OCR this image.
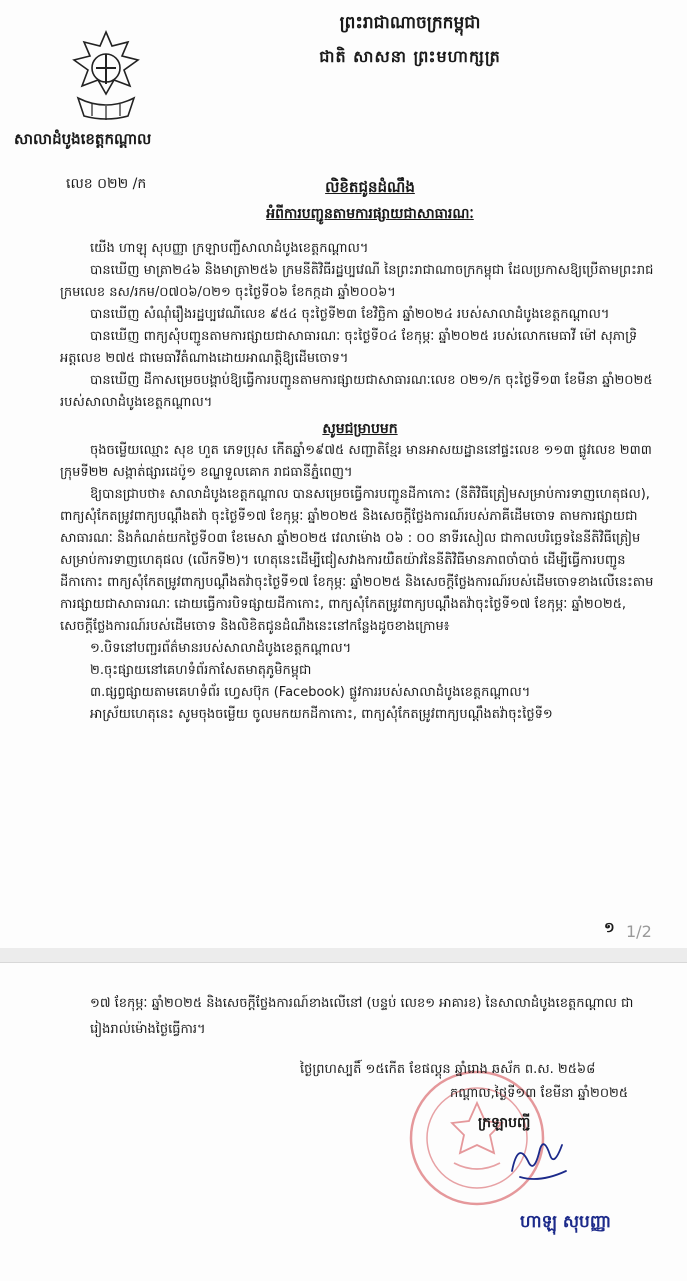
ព្រះរាជាណាចក្រកម្ពុជា
ជាតិ សាសនា ព្រះមហាក្សត្រ
សាលាដំបូងខេត្តកណ្ដាល
លេខ ០២២ /ក	លិខិតជូនដំណឹង
អំពីការបញ្ជូនតាមការផ្សាយជាសាធារណៈ

យើង ហាឡុ សុបញ្ញា ក្រឡាបញ្ជីសាលាដំបូងខេត្តកណ្ដាល។

បានឃើញ មាត្រា២៤៦ និងមាត្រា២៥៦ ក្រមនីតិវិធីរដ្ឋប្បវេណី នៃព្រះរាជាណាចក្រកម្ពុជា ដែលប្រកាសឱ្យប្រើតាមព្រះរាជក្រមលេខ នស/រកម/០៧០៦/០២១ ចុះថ្ងៃទី០៦ ខែកក្កដា ឆ្នាំ២០០៦។

បានឃើញ សំណុំរឿងរដ្ឋប្បវេណីលេខ ៩៥៤ ចុះថ្ងៃទី២៣ ខែវិច្ឆិកា ឆ្នាំ២០២៤ របស់សាលាដំបូងខេត្តកណ្ដាល។

បានឃើញ ពាក្យសុំបញ្ជូនតាមការផ្សាយជាសាធារណៈ ចុះថ្ងៃទី០៤ ខែកុម្ភៈ ឆ្នាំ២០២៥ របស់លោកមេធាវី ម៉ៅ សុភាទ្រិ អត្តលេខ ២៧៥ ជាមេធាវីតំណាងដោយអាណត្តិឱ្យដើមចោទ។

បានឃើញ ដីកាសម្រេចបង្គាប់ឱ្យធ្វើការបញ្ជូនតាមការផ្សាយជាសាធារណៈលេខ ០២១/ក ចុះថ្ងៃទី១៣ ខែមីនា ឆ្នាំ២០២៥ របស់សាលាដំបូងខេត្តកណ្ដាល។

សូមជម្រាបមក

ចុងចម្លើយឈ្មោះ សុខ ហួត ភេទប្រុស កើតឆ្នាំ១៩៧៥ សញ្ជាតិខ្មែរ មានអាសយដ្ឋាននៅផ្ទះលេខ ១១៣ ផ្លូវលេខ ២៣៣ ក្រុមទី២២ សង្កាត់ផ្សារដេប៉ូ១ ខណ្ឌទួលគោក រាជធានីភ្នំពេញ។

ឱ្យបានជ្រាបថា៖ សាលាដំបូងខេត្តកណ្ដាល បានសម្រេចធ្វើការបញ្ជូនដីកាកោះ (នីតិវិធីត្រៀមសម្រាប់ការទាញហេតុផល), ពាក្យសុំកែតម្រូវពាក្យបណ្ដឹងតវ៉ា ចុះថ្ងៃទី១៧ ខែកុម្ភៈ ឆ្នាំ២០២៥ និងសេចក្ដីថ្លែងការណ៍របស់ភាគីដើមចោទ តាមការផ្សាយជាសាធារណៈ និងកំណត់យកថ្ងៃទី០៣ ខែមេសា ឆ្នាំ២០២៥ វេលាម៉ោង ០៦ : ០០ នាទីរសៀល ជាកាលបរិច្ឆេទនៃនីតិវិធីត្រៀមសម្រាប់ការទាញហេតុផល (លើកទី២)។ ហេតុនេះដើម្បីជៀសវាងការយឺតយ៉ាវនៃនីតិវិធីមានភាពចាំបាច់ ដើម្បីធ្វើការបញ្ជូនដីកាកោះ ពាក្យសុំកែតម្រូវពាក្យបណ្ដឹងតវ៉ាចុះថ្ងៃទី១៧ ខែកុម្ភៈ ឆ្នាំ២០២៥ និងសេចក្ដីថ្លែងការណ៍របស់ដើមចោទខាងលើនេះតាមការផ្សាយជាសាធារណៈ ដោយធ្វើការបិទផ្សាយដីកាកោះ, ពាក្យសុំកែតម្រូវពាក្យបណ្ដឹងតវ៉ាចុះថ្ងៃទី១៧ ខែកុម្ភៈ ឆ្នាំ២០២៥, សេចក្ដីថ្លែងការណ៍របស់ដើមចោទ និងលិខិតជូនដំណឹងនេះនៅកន្លែងដូចខាងក្រោម៖

១.បិទនៅបញ្ជរព័ត៌មានរបស់សាលាដំបូងខេត្តកណ្ដាល។

២.ចុះផ្សាយនៅគេហទំព័រកាសែតមាតុភូមិកម្ពុជា

៣.ផ្សព្វផ្សាយតាមគេហទំព័រ ហ្វេសប៊ុក (Facebook) ផ្លូវការរបស់សាលាដំបូងខេត្តកណ្ដាល។

អាស្រ័យហេតុនេះ សូមចុងចម្លើយ ចូលមកយកដីកាកោះ, ពាក្យសុំកែតម្រូវពាក្យបណ្ដឹងតវ៉ាចុះថ្ងៃទី១

១ 1/2
១៧ ខែកុម្ភៈ ឆ្នាំ២០២៥ និងសេចក្ដីថ្លែងការណ៍ខាងលើនៅ (បន្ទប់ លេខ១ អាគារ​ខ) នៃសាលាដំបូងខេត្តកណ្ដាល ជារៀងរាល់ម៉ោងថ្ងៃធ្វើការ។
ថ្ងៃព្រហស្បតិ៍ ១៥កើត ខែផល្គុន ឆ្នាំរោង ឆស័ក ព.ស. ២៥៦៨
កណ្ដាល,ថ្ងៃទី១៣ ខែមីនា ឆ្នាំ២០២៥
ក្រឡាបញ្ជី
ហាឡុ សុបញ្ញា
